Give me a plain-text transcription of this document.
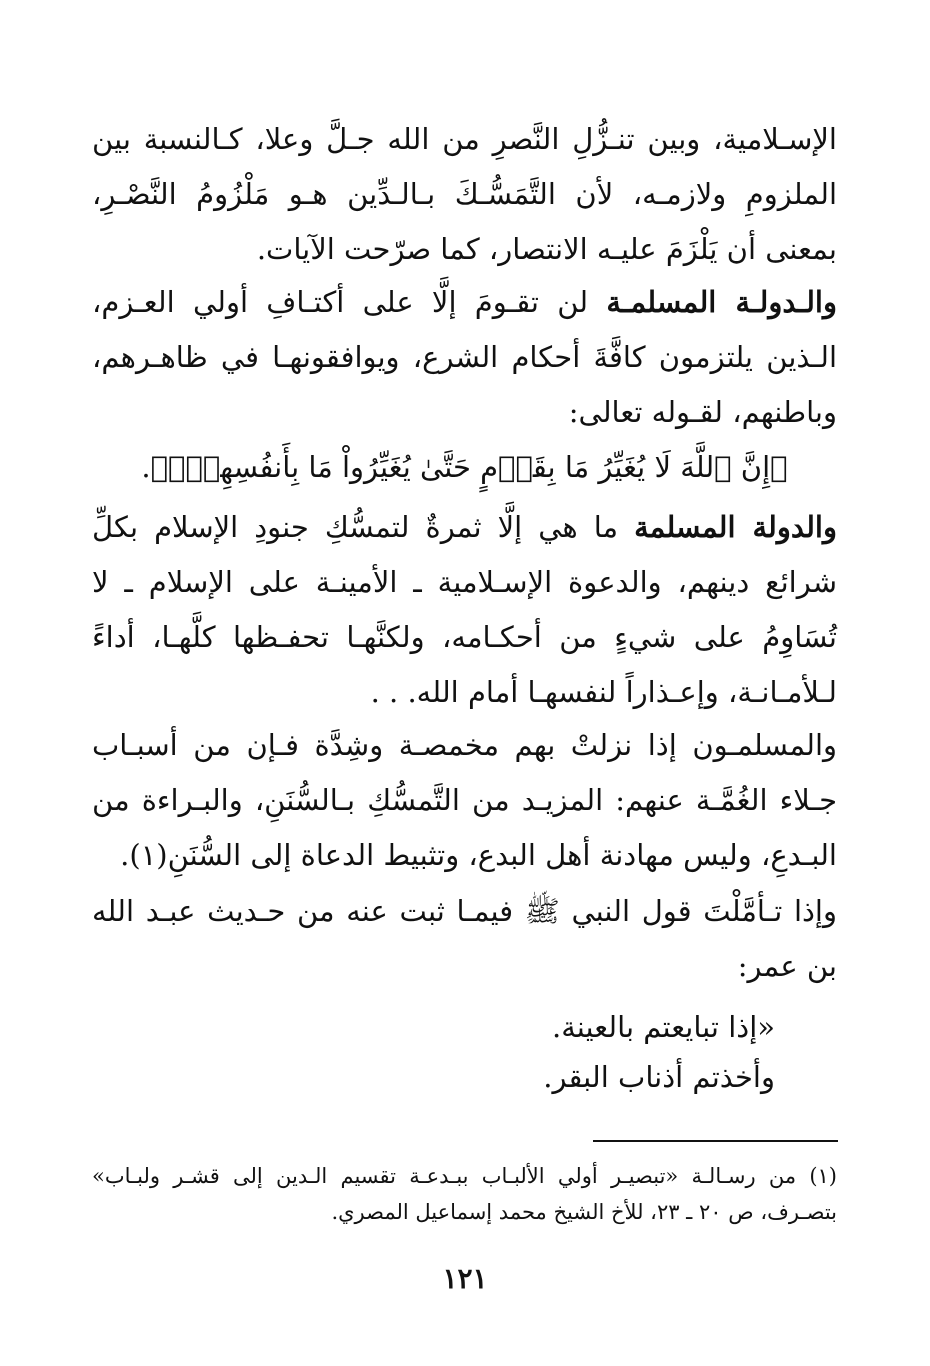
الإسـلامية، وبين تنـزُّلِ النَّصرِ من الله جـلَّ وعلا، كـالنسبة بين الملزومِ ولازمـه، لأن التَّمَسُّـكَ بـالـدِّين هـو مَلْزُومُ النَّصْـرِ، بمعنى أن يَلْزَمَ عليـه الانتصار، كما صرّحت الآيات.

والـدولـة المسلمـة لن تقـومَ إلَّا على أكتـافِ أولي العـزم، الـذين يلتزمون كافَّةَ أحكام الشرع، ويوافقونهـا في ظاهـرهم، وباطنهم، لقـوله تعالى:

﴿إِنَّ ٱللَّهَ لَا يُغَيِّرُ مَا بِقَوۡمٍ حَتَّىٰ يُغَيِّرُواْ مَا بِأَنفُسِهِمۡۗ﴾.

والدولة المسلمة ما هي إلَّا ثمرةٌ لتمسُّكِ جنودِ الإسلام بكلِّ شرائع دينهم، والدعوة الإسـلامية ـ الأمينـة على الإسلام ـ لا تُسَاوِمُ على شيءٍ من أحكـامه، ولكنَّهـا تحفـظها كلَّهـا، أداءً لـلأمـانـة، وإعـذاراً لنفسهـا أمام الله. . .

والمسلمـون إذا نزلتْ بهم مخمصـة وشِدَّة فـإن من أسبـاب جـلاء الغُمَّـة عنهم: المزيـد من التَّمسُّكِ بـالسُّنَنِ، والبـراءة من البـدعِ، وليس مهادنة أهل البدع، وتثبيط الدعاة إلى السُّنَنِ(١).

وإذا تـأمَّلْتَ قول النبي ﷺ فيمـا ثبت عنه من حـديث عبـد الله بن عمر:

«إذا تبايعتم بالعينة.

وأخذتم أذناب البقر.

(١) من رسـالـة «تبصيـر أولي الألبـاب ببـدعـة تقسيم الـدين إلى قشـر ولبـاب» بتصـرف، ص ٢٠ ـ ٢٣، للأخ الشيخ محمد إسماعيل المصري.

١٢١
